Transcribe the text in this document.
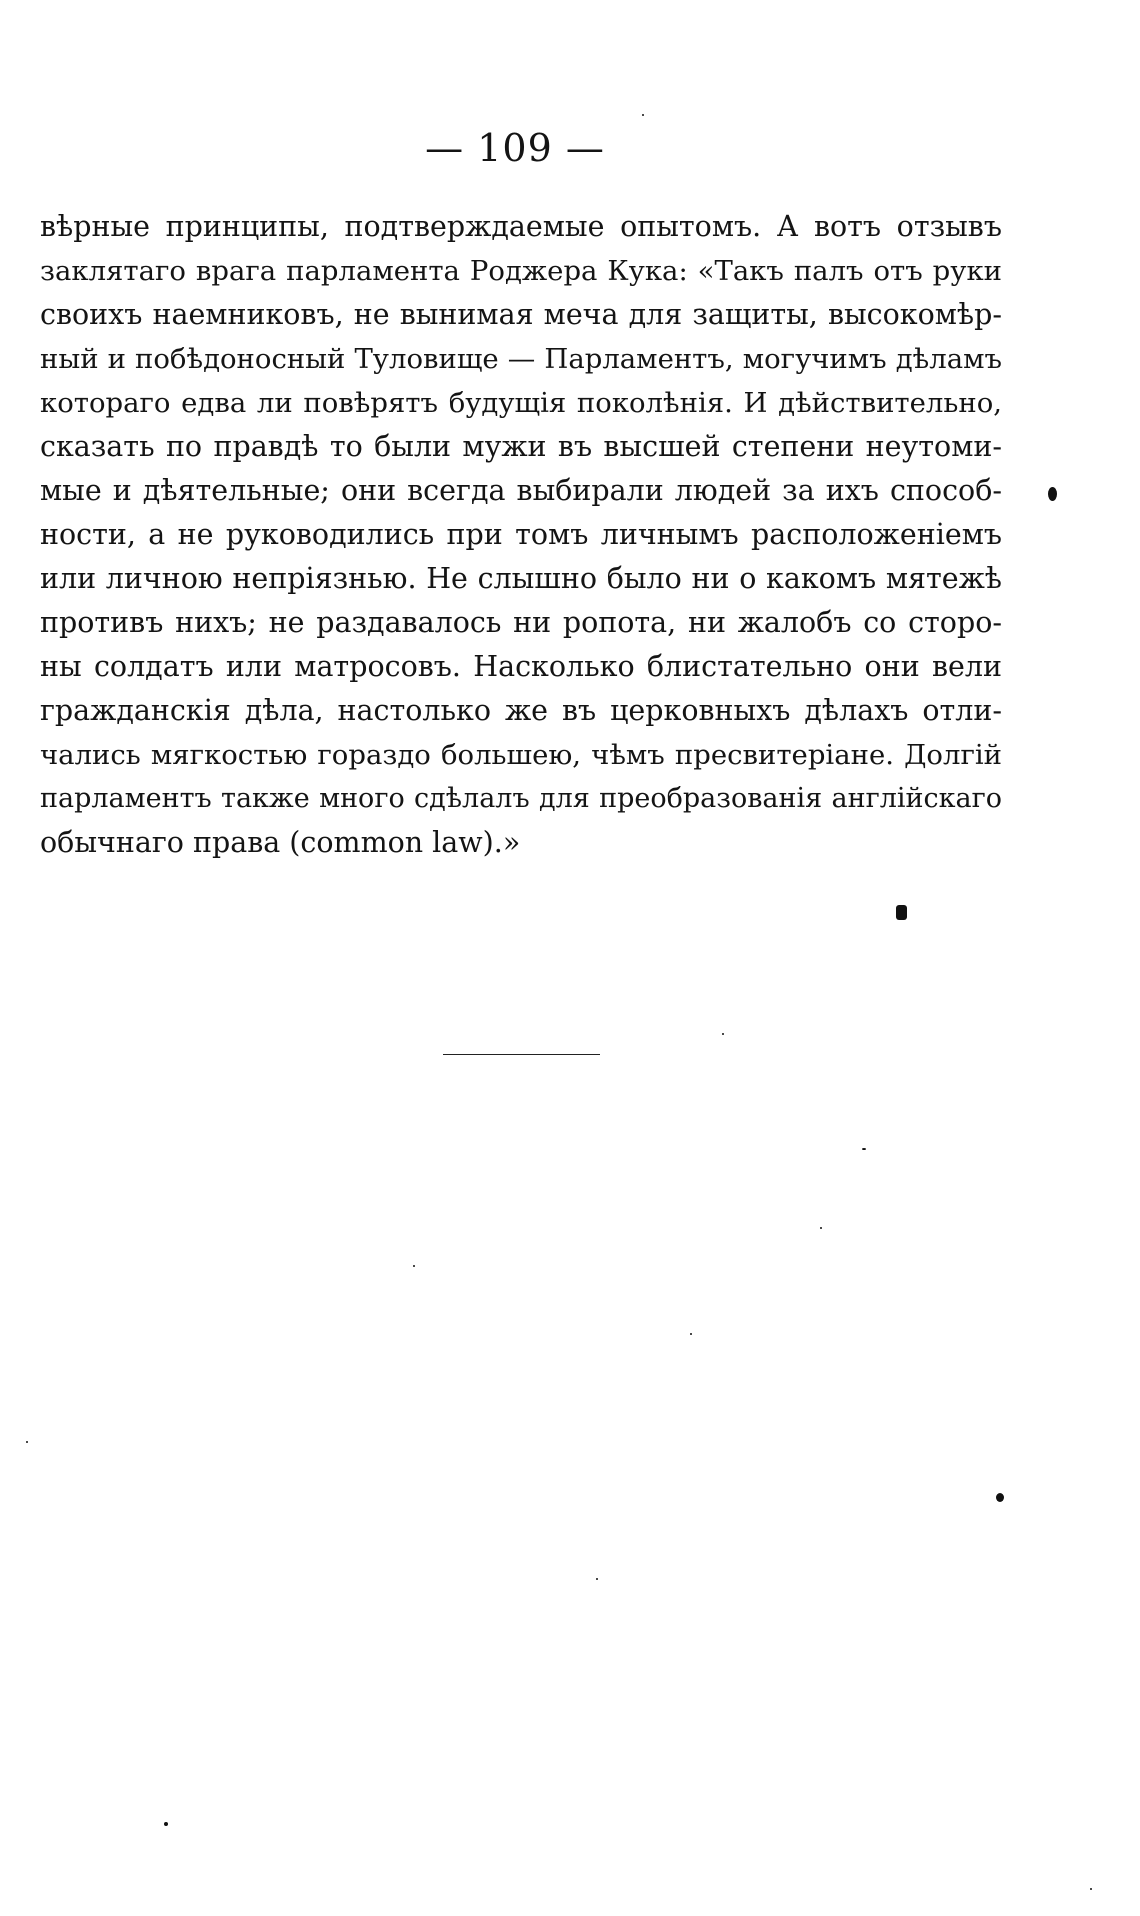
— 109 —
вѣрные принципы, подтверждаемые опытомъ. А вотъ отзывъ
заклятаго врага парламента Роджера Кука: «Такъ палъ отъ руки
своихъ наемниковъ, не вынимая меча для защиты, высокомѣр-
ный и побѣдоносный Туловище — Парламентъ, могучимъ дѣламъ
котораго едва ли повѣрятъ будущія поколѣнія. И дѣйствительно,
сказать по правдѣ то были мужи въ высшей степени неутоми-
мые и дѣятельные; они всегда выбирали людей за ихъ способ-
ности, а не руководились при томъ личнымъ расположеніемъ
или личною непріязнью. Не слышно было ни о какомъ мятежѣ
противъ нихъ; не раздавалось ни ропота, ни жалобъ со сторо-
ны солдатъ или матросовъ. Насколько блистательно они вели
гражданскія дѣла, настолько же въ церковныхъ дѣлахъ отли-
чались мягкостью гораздо большею, чѣмъ пресвитеріане. Долгій
парламентъ также много сдѣлалъ для преобразованія англійскаго
обычнаго права (common law).»
